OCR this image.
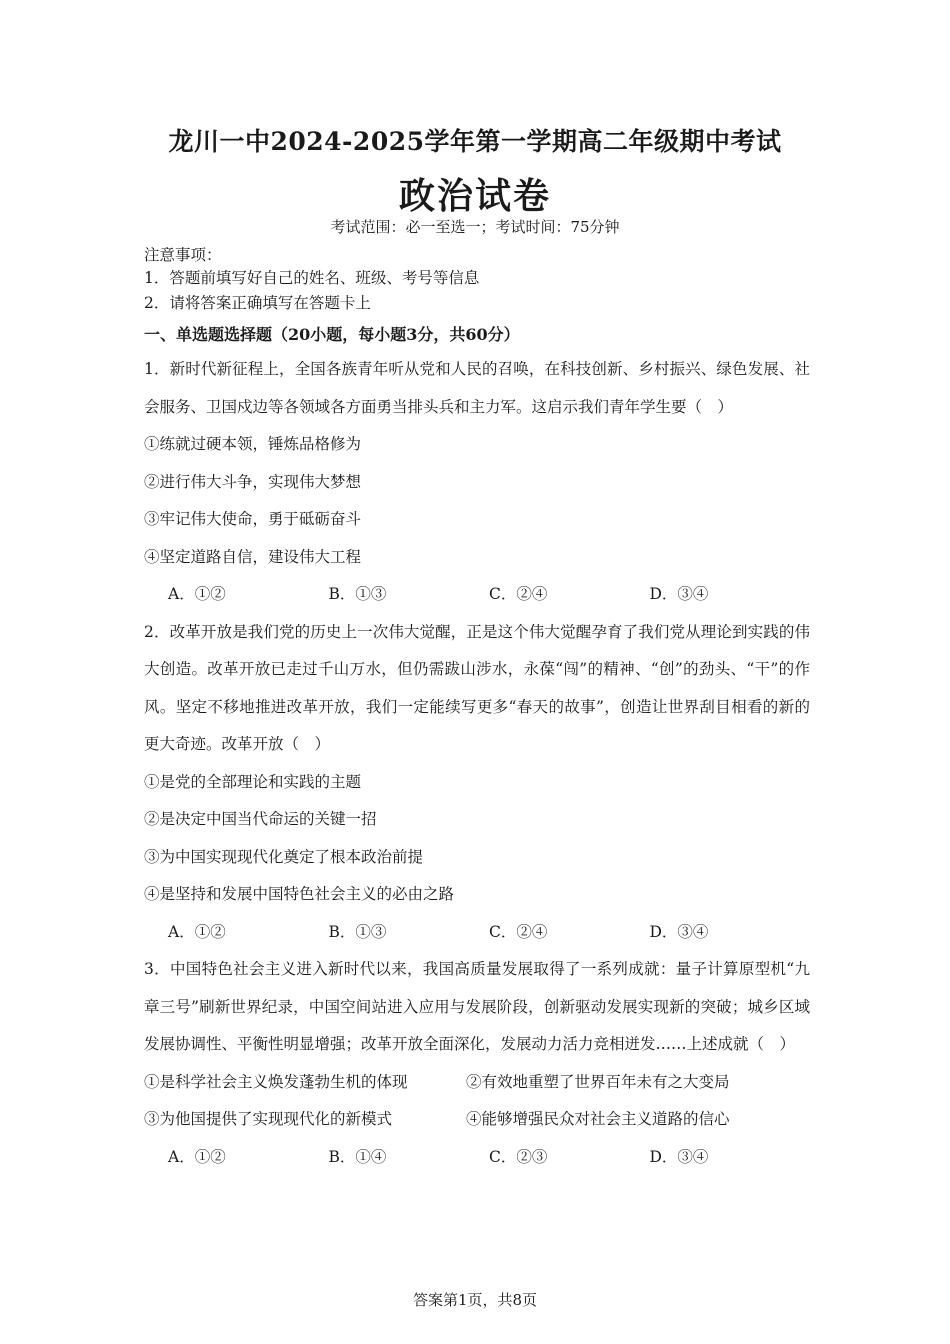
龙川一中2024-2025学年第一学期高二年级期中考试
政治试卷
考试范围：必一至选一；考试时间：75分钟
注意事项：
1．答题前填写好自己的姓名、班级、考号等信息
2．请将答案正确填写在答题卡上
一、单选题选择题（20小题，每小题3分，共60分）
1．新时代新征程上，全国各族青年听从党和人民的召唤，在科技创新、乡村振兴、绿色发展、社会服务、卫国戍边等各领域各方面勇当排头兵和主力军。这启示我们青年学生要（　）
①练就过硬本领，锤炼品格修为
②进行伟大斗争，实现伟大梦想
③牢记伟大使命，勇于砥砺奋斗
④坚定道路自信，建设伟大工程
A．①②	B．①③	C．②④	D．③④
2．改革开放是我们党的历史上一次伟大觉醒，正是这个伟大觉醒孕育了我们党从理论到实践的伟大创造。改革开放已走过千山万水，但仍需跋山涉水，永葆“闯”的精神、“创”的劲头、“干”的作风。坚定不移地推进改革开放，我们一定能续写更多“春天的故事”，创造让世界刮目相看的新的更大奇迹。改革开放（　）
①是党的全部理论和实践的主题
②是决定中国当代命运的关键一招
③为中国实现现代化奠定了根本政治前提
④是坚持和发展中国特色社会主义的必由之路
A．①②	B．①③	C．②④	D．③④
3．中国特色社会主义进入新时代以来，我国高质量发展取得了一系列成就：量子计算原型机“九章三号”刷新世界纪录，中国空间站进入应用与发展阶段，创新驱动发展实现新的突破；城乡区域发展协调性、平衡性明显增强；改革开放全面深化，发展动力活力竞相迸发……上述成就（　）
①是科学社会主义焕发蓬勃生机的体现	②有效地重塑了世界百年未有之大变局
③为他国提供了实现现代化的新模式	④能够增强民众对社会主义道路的信心
A．①②	B．①④	C．②③	D．③④
答案第1页，共8页
